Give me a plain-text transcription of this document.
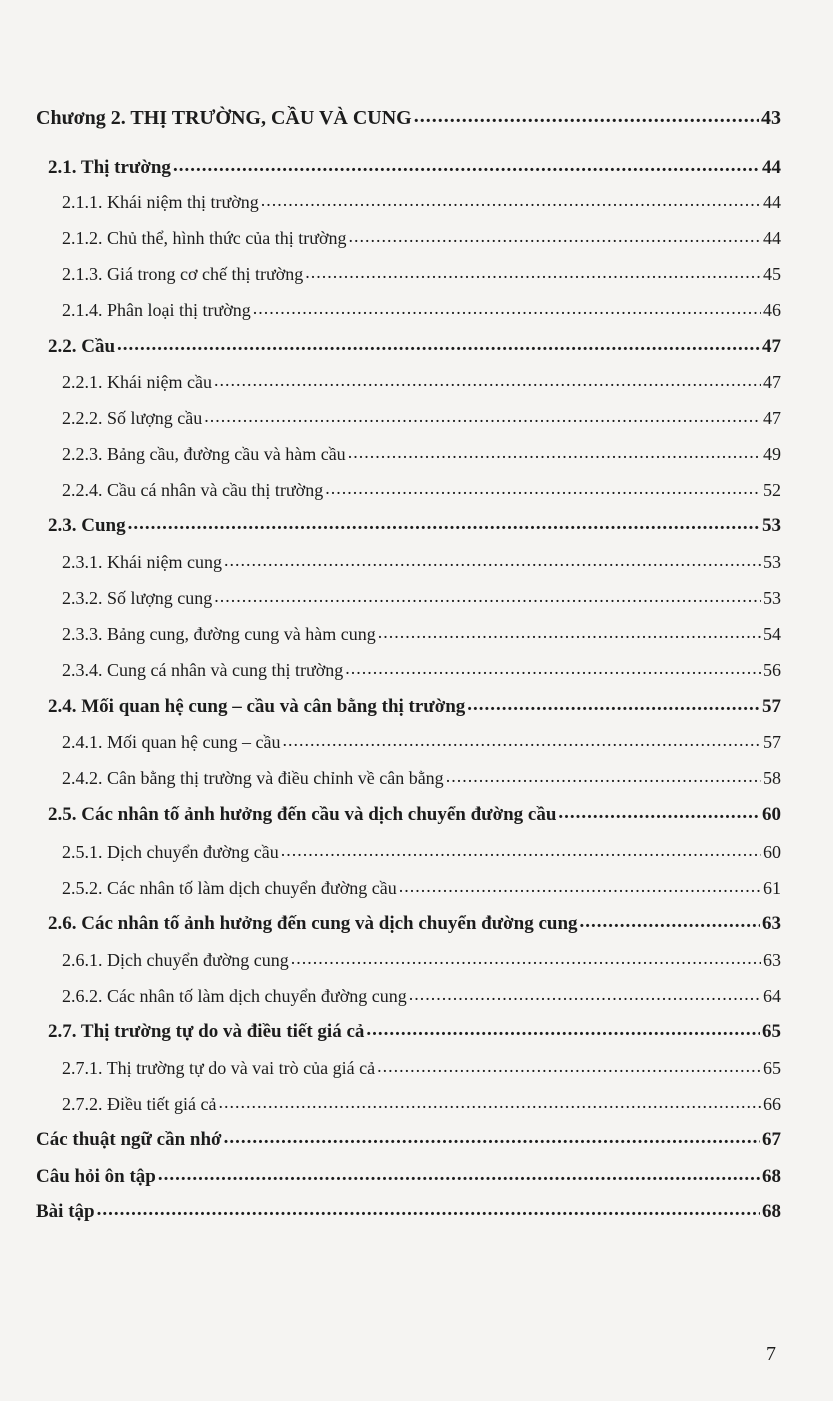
Chương 2. THỊ TRƯỜNG, CẦU VÀ CUNG .....	43
2.1. Thị trường .....	44
2.1.1. Khái niệm thị trường .....	44
2.1.2. Chủ thể, hình thức của thị trường .....	44
2.1.3. Giá trong cơ chế thị trường .....	45
2.1.4. Phân loại thị trường .....	46
2.2. Cầu .....	47
2.2.1. Khái niệm cầu .....	47
2.2.2. Số lượng cầu .....	47
2.2.3. Bảng cầu, đường cầu và hàm cầu .....	49
2.2.4. Cầu cá nhân và cầu thị trường .....	52
2.3. Cung .....	53
2.3.1. Khái niệm cung .....	53
2.3.2. Số lượng cung .....	53
2.3.3. Bảng cung, đường cung và hàm cung .....	54
2.3.4. Cung cá nhân và cung thị trường .....	56
2.4. Mối quan hệ cung – cầu và cân bằng thị trường .....	57
2.4.1. Mối quan hệ cung – cầu .....	57
2.4.2. Cân bằng thị trường và điều chỉnh về cân bằng .....	58
2.5. Các nhân tố ảnh hưởng đến cầu và dịch chuyển đường cầu .....	60
2.5.1. Dịch chuyển đường cầu .....	60
2.5.2. Các nhân tố làm dịch chuyển đường cầu .....	61
2.6. Các nhân tố ảnh hưởng đến cung và dịch chuyển đường cung .....	63
2.6.1. Dịch chuyển đường cung .....	63
2.6.2. Các nhân tố làm dịch chuyển đường cung .....	64
2.7. Thị trường tự do và điều tiết giá cả .....	65
2.7.1. Thị trường tự do và vai trò của giá cả .....	65
2.7.2. Điều tiết giá cả .....	66
Các thuật ngữ cần nhớ .....	67
Câu hỏi ôn tập .....	68
Bài tập .....	68
7
